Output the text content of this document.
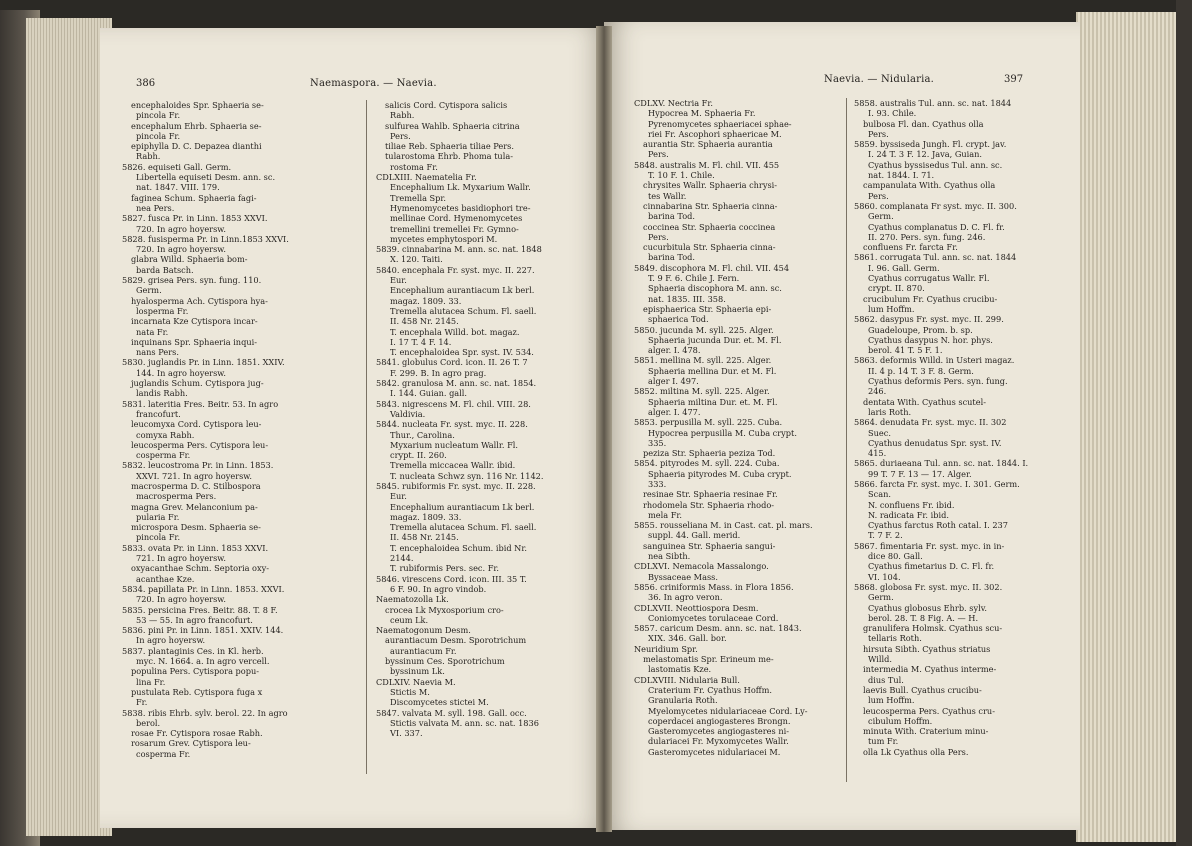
386	Naemaspora. — Naevia.
encephaloides Spr. Sphaeria se-
pincola Fr.
encephalum Ehrb. Sphaeria se-
pincola Fr.
epiphylla D. C. Depazea dianthi
Rabh.
5826. equiseti Gall. Germ.
Libertella equiseti Desm. ann. sc.
nat. 1847. VIII. 179.
faginea Schum. Sphaeria fagi-
nea Pers.
5827. fusca Pr. in Linn. 1853 XXVI.
720. In agro hoyersw.
5828. fusisperma Pr. in Linn.1853 XXVI.
720. In agro hoyersw.
glabra Willd. Sphaeria bom-
barda Batsch.
5829. grisea Pers. syn. fung. 110.
Germ.
hyalosperma Ach. Cytispora hya-
losperma Fr.
incarnata Kze Cytispora incar-
nata Fr.
inquinans Spr. Sphaeria inqui-
nans Pers.
5830. juglandis Pr. in Linn. 1851. XXIV.
144. In agro hoyersw.
juglandis Schum. Cytispora jug-
landis Rabh.
5831. lateritia Fres. Beitr. 53. In agro
francofurt.
leucomyxa Cord. Cytispora leu-
comyxa Rabh.
leucosperma Pers. Cytispora leu-
cosperma Fr.
5832. leucostroma Pr. in Linn. 1853.
XXVI. 721. In agro hoyersw.
macrosperma D. C. Stilbospora
macrosperma Pers.
magna Grev. Melanconium pa-
pularia Fr.
microspora Desm. Sphaeria se-
pincola Fr.
5833. ovata Pr. in Linn. 1853 XXVI.
721. In agro hoyersw.
oxyacanthae Schm. Septoria oxy-
acanthae Kze.
5834. papillata Pr. in Linn. 1853. XXVI.
720. In agro hoyersw.
5835. persicina Fres. Beitr. 88. T. 8 F.
53 — 55. In agro francofurt.
5836. pini Pr. in Linn. 1851. XXIV. 144.
In agro hoyersw.
5837. plantaginis Ces. in Kl. herb.
myc. N. 1664. a. In agro vercell.
populina Pers. Cytispora popu-
lina Fr.
pustulata Reb. Cytispora fuga x
Fr.
5838. ribis Ehrb. sylv. berol. 22. In agro
berol.
rosae Fr. Cytispora rosae Rabh.
rosarum Grev. Cytispora leu-
cosperma Fr.
salicis Cord. Cytispora salicis
Rabh.
sulfurea Wahlb. Sphaeria citrina
Pers.
tiliae Reb. Sphaeria tiliae Pers.
tularostoma Ehrb. Phoma tula-
rostoma Fr.
CDLXIII. Naematelia Fr.
Encephalium Lk. Myxarium Wallr.
Tremella Spr.
Hymenomycetes basidiophori tre-
mellinae Cord. Hymenomycetes
tremellini tremellei Fr. Gymno-
mycetes emphytospori M.
5839. cinnabarina M. ann. sc. nat. 1848
X. 120. Taiti.
5840. encephala Fr. syst. myc. II. 227.
Eur.
Encephalium aurantiacum Lk berl.
magaz. 1809. 33.
Tremella alutacea Schum. Fl. saell.
II. 458 Nr. 2145.
T. encephala Willd. bot. magaz.
I. 17 T. 4 F. 14.
T. encephaloidea Spr. syst. IV. 534.
5841. globulus Cord. icon. II. 26 T. 7
F. 299. B. In agro prag.
5842. granulosa M. ann. sc. nat. 1854.
I. 144. Guian. gall.
5843. nigrescens M. Fl. chil. VIII. 28.
Valdivia.
5844. nucleata Fr. syst. myc. II. 228.
Thur., Carolina.
Myxarium nucleatum Wallr. Fl.
crypt. II. 260.
Tremella miccacea Wallr. ibid.
T. nucleata Schwz syn. 116 Nr. 1142.
5845. rubiformis Fr. syst. myc. II. 228.
Eur.
Encephalium aurantiacum Lk berl.
magaz. 1809. 33.
Tremella alutacea Schum. Fl. saell.
II. 458 Nr. 2145.
T. encephaloidea Schum. ibid Nr.
2144.
T. rubiformis Pers. sec. Fr.
5846. virescens Cord. icon. III. 35 T.
6 F. 90. In agro vindob.
Naematozolla Lk.
crocea Lk Myxosporium cro-
ceum Lk.
Naematogonum Desm.
aurantiacum Desm. Sporotrichum
aurantiacum Fr.
byssinum Ces. Sporotrichum
byssinum Lk.
CDLXIV. Naevia M.
Stictis M.
Discomycetes stictei M.
5847. valvata M. syll. 198. Gall. occ.
Stictis valvata M. ann. sc. nat. 1836
VI. 337.
Naevia. — Nidularia.	397
CDLXV. Nectria Fr.
Hypocrea M. Sphaeria Fr.
Pyrenomycetes sphaeriacei sphae-
riei Fr. Ascophori sphaericae M.
aurantia Str. Sphaeria aurantia
Pers.
5848. australis M. Fl. chil. VII. 455
T. 10 F. 1. Chile.
chrysites Wallr. Sphaeria chrysi-
tes Wallr.
cinnabarina Str. Sphaeria cinna-
barina Tod.
coccinea Str. Sphaeria coccinea
Pers.
cucurbitula Str. Sphaeria cinna-
barina Tod.
5849. discophora M. Fl. chil. VII. 454
T. 9 F. 6. Chile J. Fern.
Sphaeria discophora M. ann. sc.
nat. 1835. III. 358.
episphaerica Str. Sphaeria epi-
sphaerica Tod.
5850. jucunda M. syll. 225. Alger.
Sphaeria jucunda Dur. et. M. Fl.
alger. I. 478.
5851. mellina M. syll. 225. Alger.
Sphaeria mellina Dur. et M. Fl.
alger I. 497.
5852. miltina M. syll. 225. Alger.
Sphaeria miltina Dur. et. M. Fl.
alger. I. 477.
5853. perpusilla M. syll. 225. Cuba.
Hypocrea perpusilla M. Cuba crypt.
335.
peziza Str. Sphaeria peziza Tod.
5854. pityrodes M. syll. 224. Cuba.
Sphaeria pityrodes M. Cuba crypt.
333.
resinae Str. Sphaeria resinae Fr.
rhodomela Str. Sphaeria rhodo-
mela Fr.
5855. rousseliana M. in Cast. cat. pl. mars.
suppl. 44. Gall. merid.
sanguinea Str. Sphaeria sangui-
nea Sibth.
CDLXVI. Nemacola Massalongo.
Byssaceae Mass.
5856. criniformis Mass. in Flora 1856.
36. In agro veron.
CDLXVII. Neottiospora Desm.
Coniomycetes torulaceae Cord.
5857. caricum Desm. ann. sc. nat. 1843.
XIX. 346. Gall. bor.
Neuridium Spr.
melastomatis Spr. Erineum me-
lastomatis Kze.
CDLXVIII. Nidularia Bull.
Craterium Fr. Cyathus Hoffm.
Granularia Roth.
Myelomycetes nidulariaceae Cord. Ly-
coperdacei angiogasteres Brongn.
Gasteromycetes angiogasteres ni-
dulariacei Fr. Myxomycetes Wallr.
Gasteromycetes nidulariacei M.
5858. australis Tul. ann. sc. nat. 1844
I. 93. Chile.
bulbosa Fl. dan. Cyathus olla
Pers.
5859. byssiseda Jungh. Fl. crypt. jav.
I. 24 T. 3 F. 12. Java, Guian.
Cyathus byssisedus Tul. ann. sc.
nat. 1844. I. 71.
campanulata With. Cyathus olla
Pers.
5860. complanata Fr syst. myc. II. 300.
Germ.
Cyathus complanatus D. C. Fl. fr.
II. 270. Pers. syn. fung. 246.
confluens Fr. farcta Fr.
5861. corrugata Tul. ann. sc. nat. 1844
I. 96. Gall. Germ.
Cyathus corrugatus Wallr. Fl.
crypt. II. 870.
crucibulum Fr. Cyathus crucibu-
lum Hoffm.
5862. dasypus Fr. syst. myc. II. 299.
Guadeloupe, Prom. b. sp.
Cyathus dasypus N. hor. phys.
berol. 41 T. 5 F. 1.
5863. deformis Willd. in Usteri magaz.
II. 4 p. 14 T. 3 F. 8. Germ.
Cyathus deformis Pers. syn. fung.
246.
dentata With. Cyathus scutel-
laris Roth.
5864. denudata Fr. syst. myc. II. 302
Suec.
Cyathus denudatus Spr. syst. IV.
415.
5865. duriaeana Tul. ann. sc. nat. 1844. I.
99 T. 7 F. 13 — 17. Alger.
5866. farcta Fr. syst. myc. I. 301. Germ.
Scan.
N. confluens Fr. ibid.
N. radicata Fr. ibid.
Cyathus farctus Roth catal. I. 237
T. 7 F. 2.
5867. fimentaria Fr. syst. myc. in in-
dice 80. Gall.
Cyathus fimetarius D. C. Fl. fr.
VI. 104.
5868. globosa Fr. syst. myc. II. 302.
Germ.
Cyathus globosus Ehrb. sylv.
berol. 28. T. 8 Fig. A. — H.
granulifera Holmsk. Cyathus scu-
tellaris Roth.
hirsuta Sibth. Cyathus striatus
Willd.
intermedia M. Cyathus interme-
dius Tul.
laevis Bull. Cyathus crucibu-
lum Hoffm.
leucosperma Pers. Cyathus cru-
cibulum Hoffm.
minuta With. Craterium minu-
tum Fr.
olla Lk Cyathus olla Pers.
